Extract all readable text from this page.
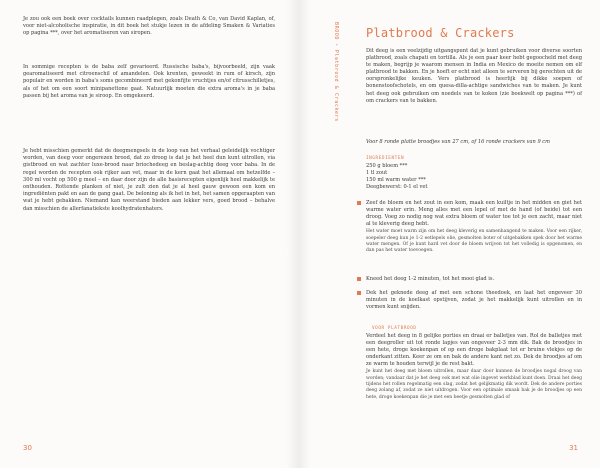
Je zou ook een boek over cocktails kunnen raadplegen, zoals Death & Co, van David Kaplan, of, voor niet-alcoholische inspiratie, in dit boek het stukje lezen in de afdeling Smaken & Variaties op pagina ***, over het aromatiseren van siropen.

In sommige recepten is de baba zelf gevarieerd. Russische baba's, bijvoorbeeld, zijn vaak gearomatiseerd met citroenschil of amandelen. Ook krenten, geweekt in rum of kirsch, zijn populair en worden in baba's soms gecombineerd met gekonfijte vruchtjes en/of citrusschilletjes, als of het om een soort minipanettone gaat. Natuurlijk moeten die extra aroma's in je baba passen bij het aroma van je siroop. En omgekeerd.

Je hebt misschien gemerkt dat de deegmengsels in de loop van het verhaal geleidelijk vochtiger worden, van deeg voor ongerezen brood, dat zo droog is dat je het heel dun kunt uitrollen, via gistbrood en wat zachter luxe-brood naar briochedeeg en beslag-achtig deeg voor baba. In de regel worden de recepten ook rijker aan vet, maar in de kern gaat het allemaal om hetzelfde – 300 ml vocht op 500 g meel – en daar door zijn de alle basisrecepten eigenlijk heel makkelijk te onthouden. Rottende planken of niet, je zult zien dat je al heel gauw gewoon een kom en ingrediënten pakt en aan de gang gaat. De beloning als ik het in het, het samen opgeraapten van wat je hebt gebakken. Niemand kan weerstand bieden aan lekker vers, goed brood – behalve dan misschien de allerfanatiekste koolhydratenhaters.

30	31
BROOD•Platbrood & Crackers
Platbrood & Crackers

Dit deeg is een veelzijdig uitgangspunt dat je kunt gebruiken voor diverse soorten platbrood, zoals chapati en tortilla. Als je een paar keer hebt gegoocheld met deeg te maken, begrijp je waarom mensen in India en Mexico de moeite nemen om elf platbrood te bakken. En je hoeft er echt niet alleen te serveren bij gerechten uit de oorspronkelijke keuken. Vers platbrood is heerlijk bij dikke soepen of bonenstoofschotels, en om quesa-dilla-achtige sandwiches van te maken. Je kunt het deeg ook gebruiken om noedels van te koken (zie boekwelt op pagina ***) of om crackers van te bakken.

Voor 8 ronde platte broodjes van 27 cm, of 16 ronde crackers van 9 cm

INGREDIENTEN
250 g bloem ***
1 tl zout
150 ml warm water ***
Deegbewerst: 0-1 el vet

Zeef de bloem en het zout in een kom, maak een kuiltje in het midden en giet het warme water erin. Meng alles met een lepel of met de hand (of beide) tot een droog. Voeg zo nodig nog wat extra bloem of water toe tot je een zacht, maar niet al te kleverig deeg hebt.

Het water moet warm zijn om het deeg kleverig en samenhangend te maken. Voor een rijker, soepeler deeg kun je 1-2 eetlepels olie, gesmolten boter of uitgebakken spek door het warme water mengen. Of je kunt hard vet door de bloem wrijven tot het volledig is opgenomen, en dan pas het water toevoegen.

Kneed het deeg 1-2 minuten, tot het mooi glad is.

Dek het geknede deeg af met een schone theedoek, en laat het ongeveer 30 minuten in de koelkast opstijven, zodat je het makkelijk kunt uitrollen en in vormen kunt snijden.

VOOR PLATBROOD

Verdeel het deeg in 8 gelijke porties en draai er balletjes van. Rol de balletjes met een deegroller uit tot ronde lapjes van ongeveer 2-3 mm dik. Bak de broodjes in een hete, droge koekenpan of op een droge bakplaat tot er bruine vlekjes op de onderkant zitten. Keer ze om en bak de andere kant net zo. Dek de broodjes af om ze warm te houden terwijl je de rest bakt.

Je kunt het deeg met bloem uitrollen, maar daar door kunnen de broodjes nogal droog van worden; vandaar dat je het deeg ook met wat olie ingevet werkblad kunt doen. Draai het deeg tijdens het rollen regelmatig een slag, zodat het gelijkmatig dik wordt. Dek de andere porties deeg zolang af, zodat ze niet uitdrogen. Voor een optimale smaak bak je de broodjes op een hete, droge koekenpan die je met een beetje gesmolten glad of
